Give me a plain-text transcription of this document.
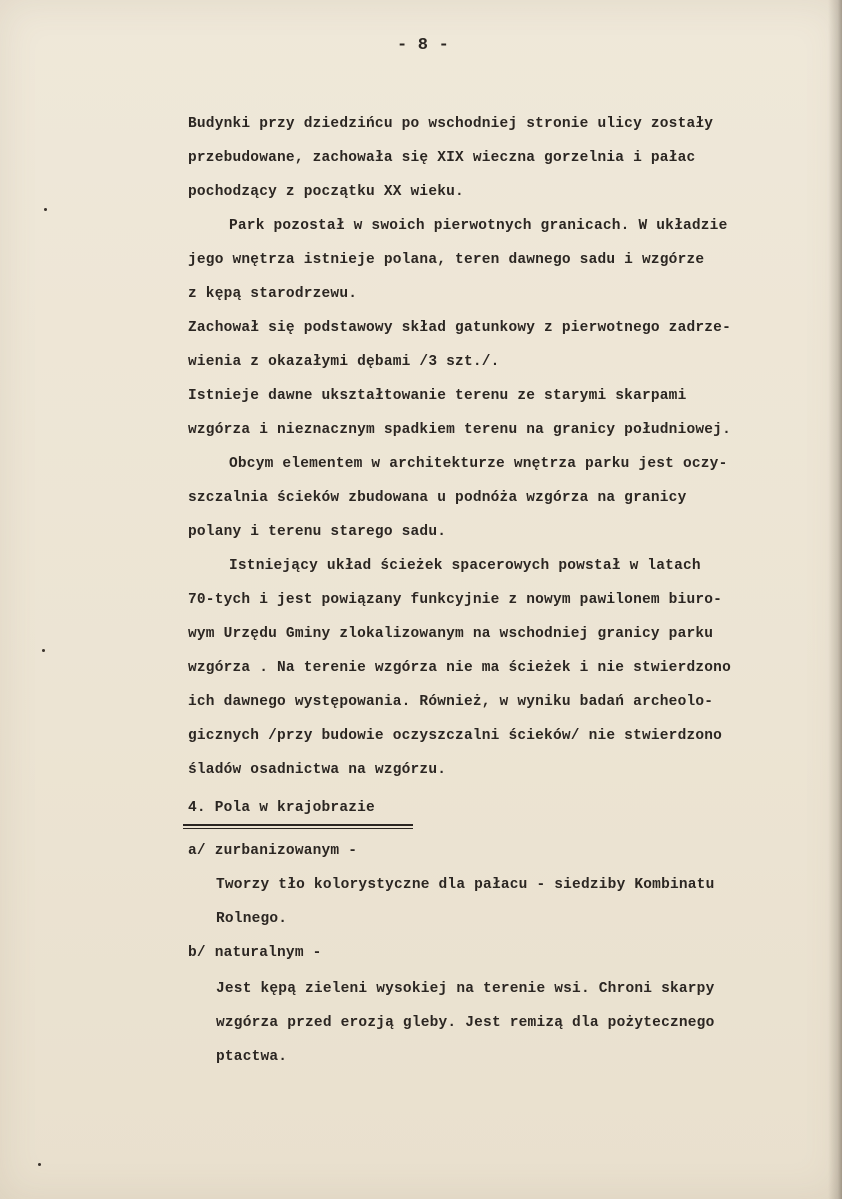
- 8 -
Budynki przy dziedzińcu po wschodniej stronie ulicy zostały
przebudowane, zachowała się XIX wieczna gorzelnia i pałac
pochodzący z początku XX wieku.
Park pozostał w swoich pierwotnych granicach. W układzie
jego wnętrza istnieje polana, teren dawnego sadu i wzgórze
z kępą starodrzewu.
Zachował się podstawowy skład gatunkowy z pierwotnego zadrze-
wienia z okazałymi dębami /3 szt./.
Istnieje dawne ukształtowanie terenu ze starymi skarpami
wzgórza i nieznacznym spadkiem terenu na granicy południowej.
Obcym elementem w architekturze wnętrza parku jest oczy-
szczalnia ścieków zbudowana u podnóża wzgórza na granicy
polany i terenu starego sadu.
Istniejący układ ścieżek spacerowych powstał w latach
70-tych i jest powiązany funkcyjnie z nowym pawilonem biuro-
wym Urzędu Gminy zlokalizowanym na wschodniej granicy parku
wzgórza . Na terenie wzgórza nie ma ścieżek i nie stwierdzono
ich dawnego występowania. Również, w wyniku badań archeolo-
gicznych /przy budowie oczyszczalni ścieków/ nie stwierdzono
śladów osadnictwa na wzgórzu.
4. Pola w krajobrazie
a/ zurbanizowanym -
Tworzy tło kolorystyczne dla pałacu - siedziby Kombinatu
Rolnego.
b/ naturalnym -
Jest kępą zieleni wysokiej na terenie wsi. Chroni skarpy
wzgórza przed erozją gleby. Jest remizą dla pożytecznego
ptactwa.
